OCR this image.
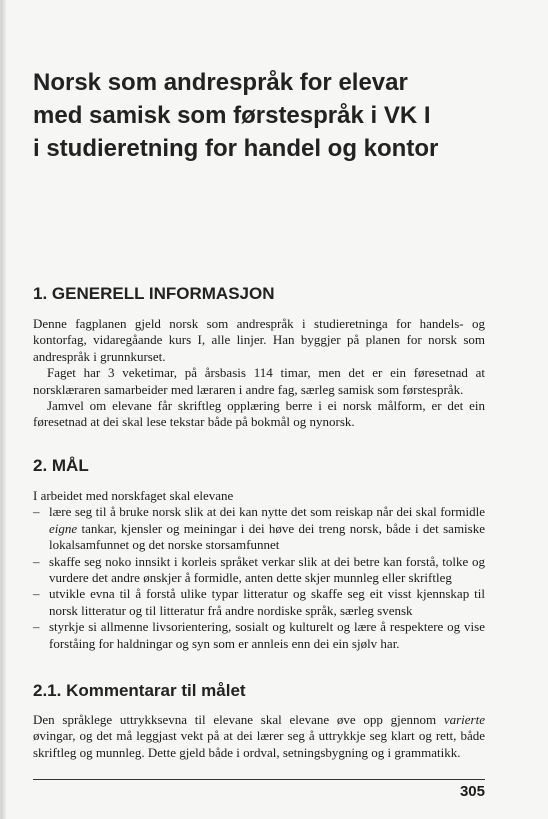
Norsk som andrespråk for elevar
med samisk som førstespråk i VK I
i studieretning for handel og kontor
1. GENERELL INFORMASJON

Denne fagplanen gjeld norsk som andrespråk i studieretninga for handels- og kontorfag, vidaregåande kurs I, alle linjer. Han byggjer på planen for norsk som andrespråk i grunnkurset.

Faget har 3 veketimar, på årsbasis 114 timar, men det er ein føresetnad at norsklæraren samarbeider med læraren i andre fag, særleg samisk som førstespråk.

Jamvel om elevane får skriftleg opplæring berre i ei norsk målform, er det ein føresetnad at dei skal lese tekstar både på bokmål og nynorsk.

2. MÅL

I arbeidet med norskfaget skal elevane

– lære seg til å bruke norsk slik at dei kan nytte det som reiskap når dei skal formidle eigne tankar, kjensler og meiningar i dei høve dei treng norsk, både i det samiske lokalsamfunnet og det norske storsamfunnet
– skaffe seg noko innsikt i korleis språket verkar slik at dei betre kan forstå, tolke og vurdere det andre ønskjer å formidle, anten dette skjer munnleg eller skriftleg
– utvikle evna til å forstå ulike typar litteratur og skaffe seg eit visst kjennskap til norsk litteratur og til litteratur frå andre nordiske språk, særleg svensk
– styrkje si allmenne livsorientering, sosialt og kulturelt og lære å respektere og vise forståing for haldningar og syn som er annleis enn dei ein sjølv har.
2.1. Kommentarar til målet

Den språklege uttrykksevna til elevane skal elevane øve opp gjennom varierte øvingar, og det må leggjast vekt på at dei lærer seg å uttrykkje seg klart og rett, både skriftleg og munnleg. Dette gjeld både i ordval, setningsbygning og i grammatikk.

305
